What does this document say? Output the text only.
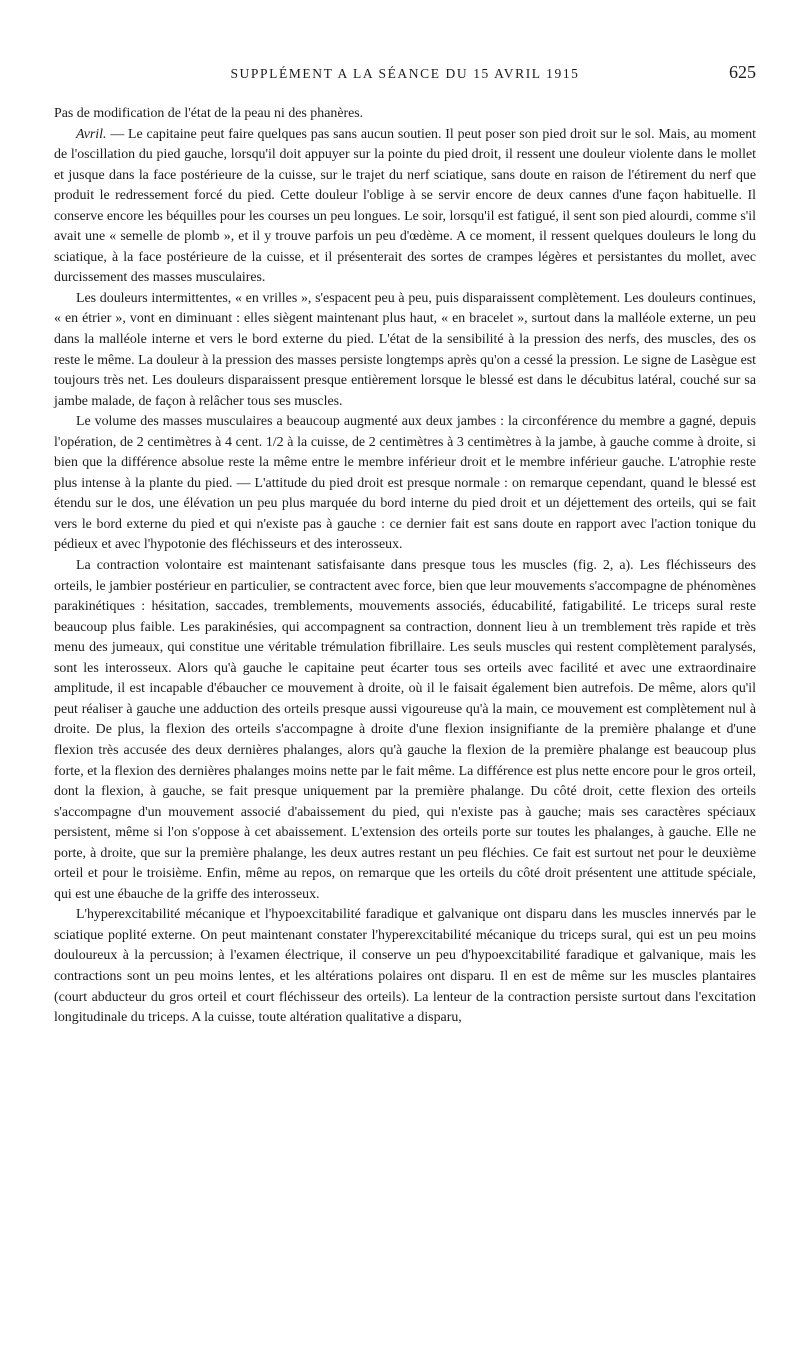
SUPPLÉMENT A LA SÉANCE DU 15 AVRIL 1915	625

Pas de modification de l'état de la peau ni des phanères.

Avril. — Le capitaine peut faire quelques pas sans aucun soutien. Il peut poser son pied droit sur le sol. Mais, au moment de l'oscillation du pied gauche, lorsqu'il doit appuyer sur la pointe du pied droit, il ressent une douleur violente dans le mollet et jusque dans la face postérieure de la cuisse, sur le trajet du nerf sciatique, sans doute en raison de l'étirement du nerf que produit le redressement forcé du pied. Cette douleur l'oblige à se servir encore de deux cannes d'une façon habituelle. Il conserve encore les béquilles pour les courses un peu longues. Le soir, lorsqu'il est fatigué, il sent son pied alourdi, comme s'il avait une « semelle de plomb », et il y trouve parfois un peu d'œdème. A ce moment, il ressent quelques douleurs le long du sciatique, à la face postérieure de la cuisse, et il présenterait des sortes de crampes légères et persistantes du mollet, avec durcissement des masses musculaires.

Les douleurs intermittentes, « en vrilles », s'espacent peu à peu, puis disparaissent complètement. Les douleurs continues, « en étrier », vont en diminuant : elles siègent maintenant plus haut, « en bracelet », surtout dans la malléole externe, un peu dans la malléole interne et vers le bord externe du pied. L'état de la sensibilité à la pression des nerfs, des muscles, des os reste le même. La douleur à la pression des masses persiste longtemps après qu'on a cessé la pression. Le signe de Lasègue est toujours très net. Les douleurs disparaissent presque entièrement lorsque le blessé est dans le décubitus latéral, couché sur sa jambe malade, de façon à relâcher tous ses muscles.

Le volume des masses musculaires a beaucoup augmenté aux deux jambes : la circonférence du membre a gagné, depuis l'opération, de 2 centimètres à 4 cent. 1/2 à la cuisse, de 2 centimètres à 3 centimètres à la jambe, à gauche comme à droite, si bien que la différence absolue reste la même entre le membre inférieur droit et le membre inférieur gauche. L'atrophie reste plus intense à la plante du pied. — L'attitude du pied droit est presque normale : on remarque cependant, quand le blessé est étendu sur le dos, une élévation un peu plus marquée du bord interne du pied droit et un déjettement des orteils, qui se fait vers le bord externe du pied et qui n'existe pas à gauche : ce dernier fait est sans doute en rapport avec l'action tonique du pédieux et avec l'hypotonie des fléchisseurs et des interosseux.

La contraction volontaire est maintenant satisfaisante dans presque tous les muscles (fig. 2, a). Les fléchisseurs des orteils, le jambier postérieur en particulier, se contractent avec force, bien que leur mouvements s'accompagne de phénomènes parakinétiques : hésitation, saccades, tremblements, mouvements associés, éducabilité, fatigabilité. Le triceps sural reste beaucoup plus faible. Les parakinésies, qui accompagnent sa contraction, donnent lieu à un tremblement très rapide et très menu des jumeaux, qui constitue une véritable trémulation fibrillaire. Les seuls muscles qui restent complètement paralysés, sont les interosseux. Alors qu'à gauche le capitaine peut écarter tous ses orteils avec facilité et avec une extraordinaire amplitude, il est incapable d'ébaucher ce mouvement à droite, où il le faisait également bien autrefois. De même, alors qu'il peut réaliser à gauche une adduction des orteils presque aussi vigoureuse qu'à la main, ce mouvement est complètement nul à droite. De plus, la flexion des orteils s'accompagne à droite d'une flexion insignifiante de la première phalange et d'une flexion très accusée des deux dernières phalanges, alors qu'à gauche la flexion de la première phalange est beaucoup plus forte, et la flexion des dernières phalanges moins nette par le fait même. La différence est plus nette encore pour le gros orteil, dont la flexion, à gauche, se fait presque uniquement par la première phalange. Du côté droit, cette flexion des orteils s'accompagne d'un mouvement associé d'abaissement du pied, qui n'existe pas à gauche; mais ses caractères spéciaux persistent, même si l'on s'oppose à cet abaissement. L'extension des orteils porte sur toutes les phalanges, à gauche. Elle ne porte, à droite, que sur la première phalange, les deux autres restant un peu fléchies. Ce fait est surtout net pour le deuxième orteil et pour le troisième. Enfin, même au repos, on remarque que les orteils du côté droit présentent une attitude spéciale, qui est une ébauche de la griffe des interosseux.

L'hyperexcitabilité mécanique et l'hypoexcitabilité faradique et galvanique ont disparu dans les muscles innervés par le sciatique poplité externe. On peut maintenant constater l'hyperexcitabilité mécanique du triceps sural, qui est un peu moins douloureux à la percussion; à l'examen électrique, il conserve un peu d'hypoexcitabilité faradique et galvanique, mais les contractions sont un peu moins lentes, et les altérations polaires ont disparu. Il en est de même sur les muscles plantaires (court abducteur du gros orteil et court fléchisseur des orteils). La lenteur de la contraction persiste surtout dans l'excitation longitudinale du triceps. A la cuisse, toute altération qualitative a disparu,
